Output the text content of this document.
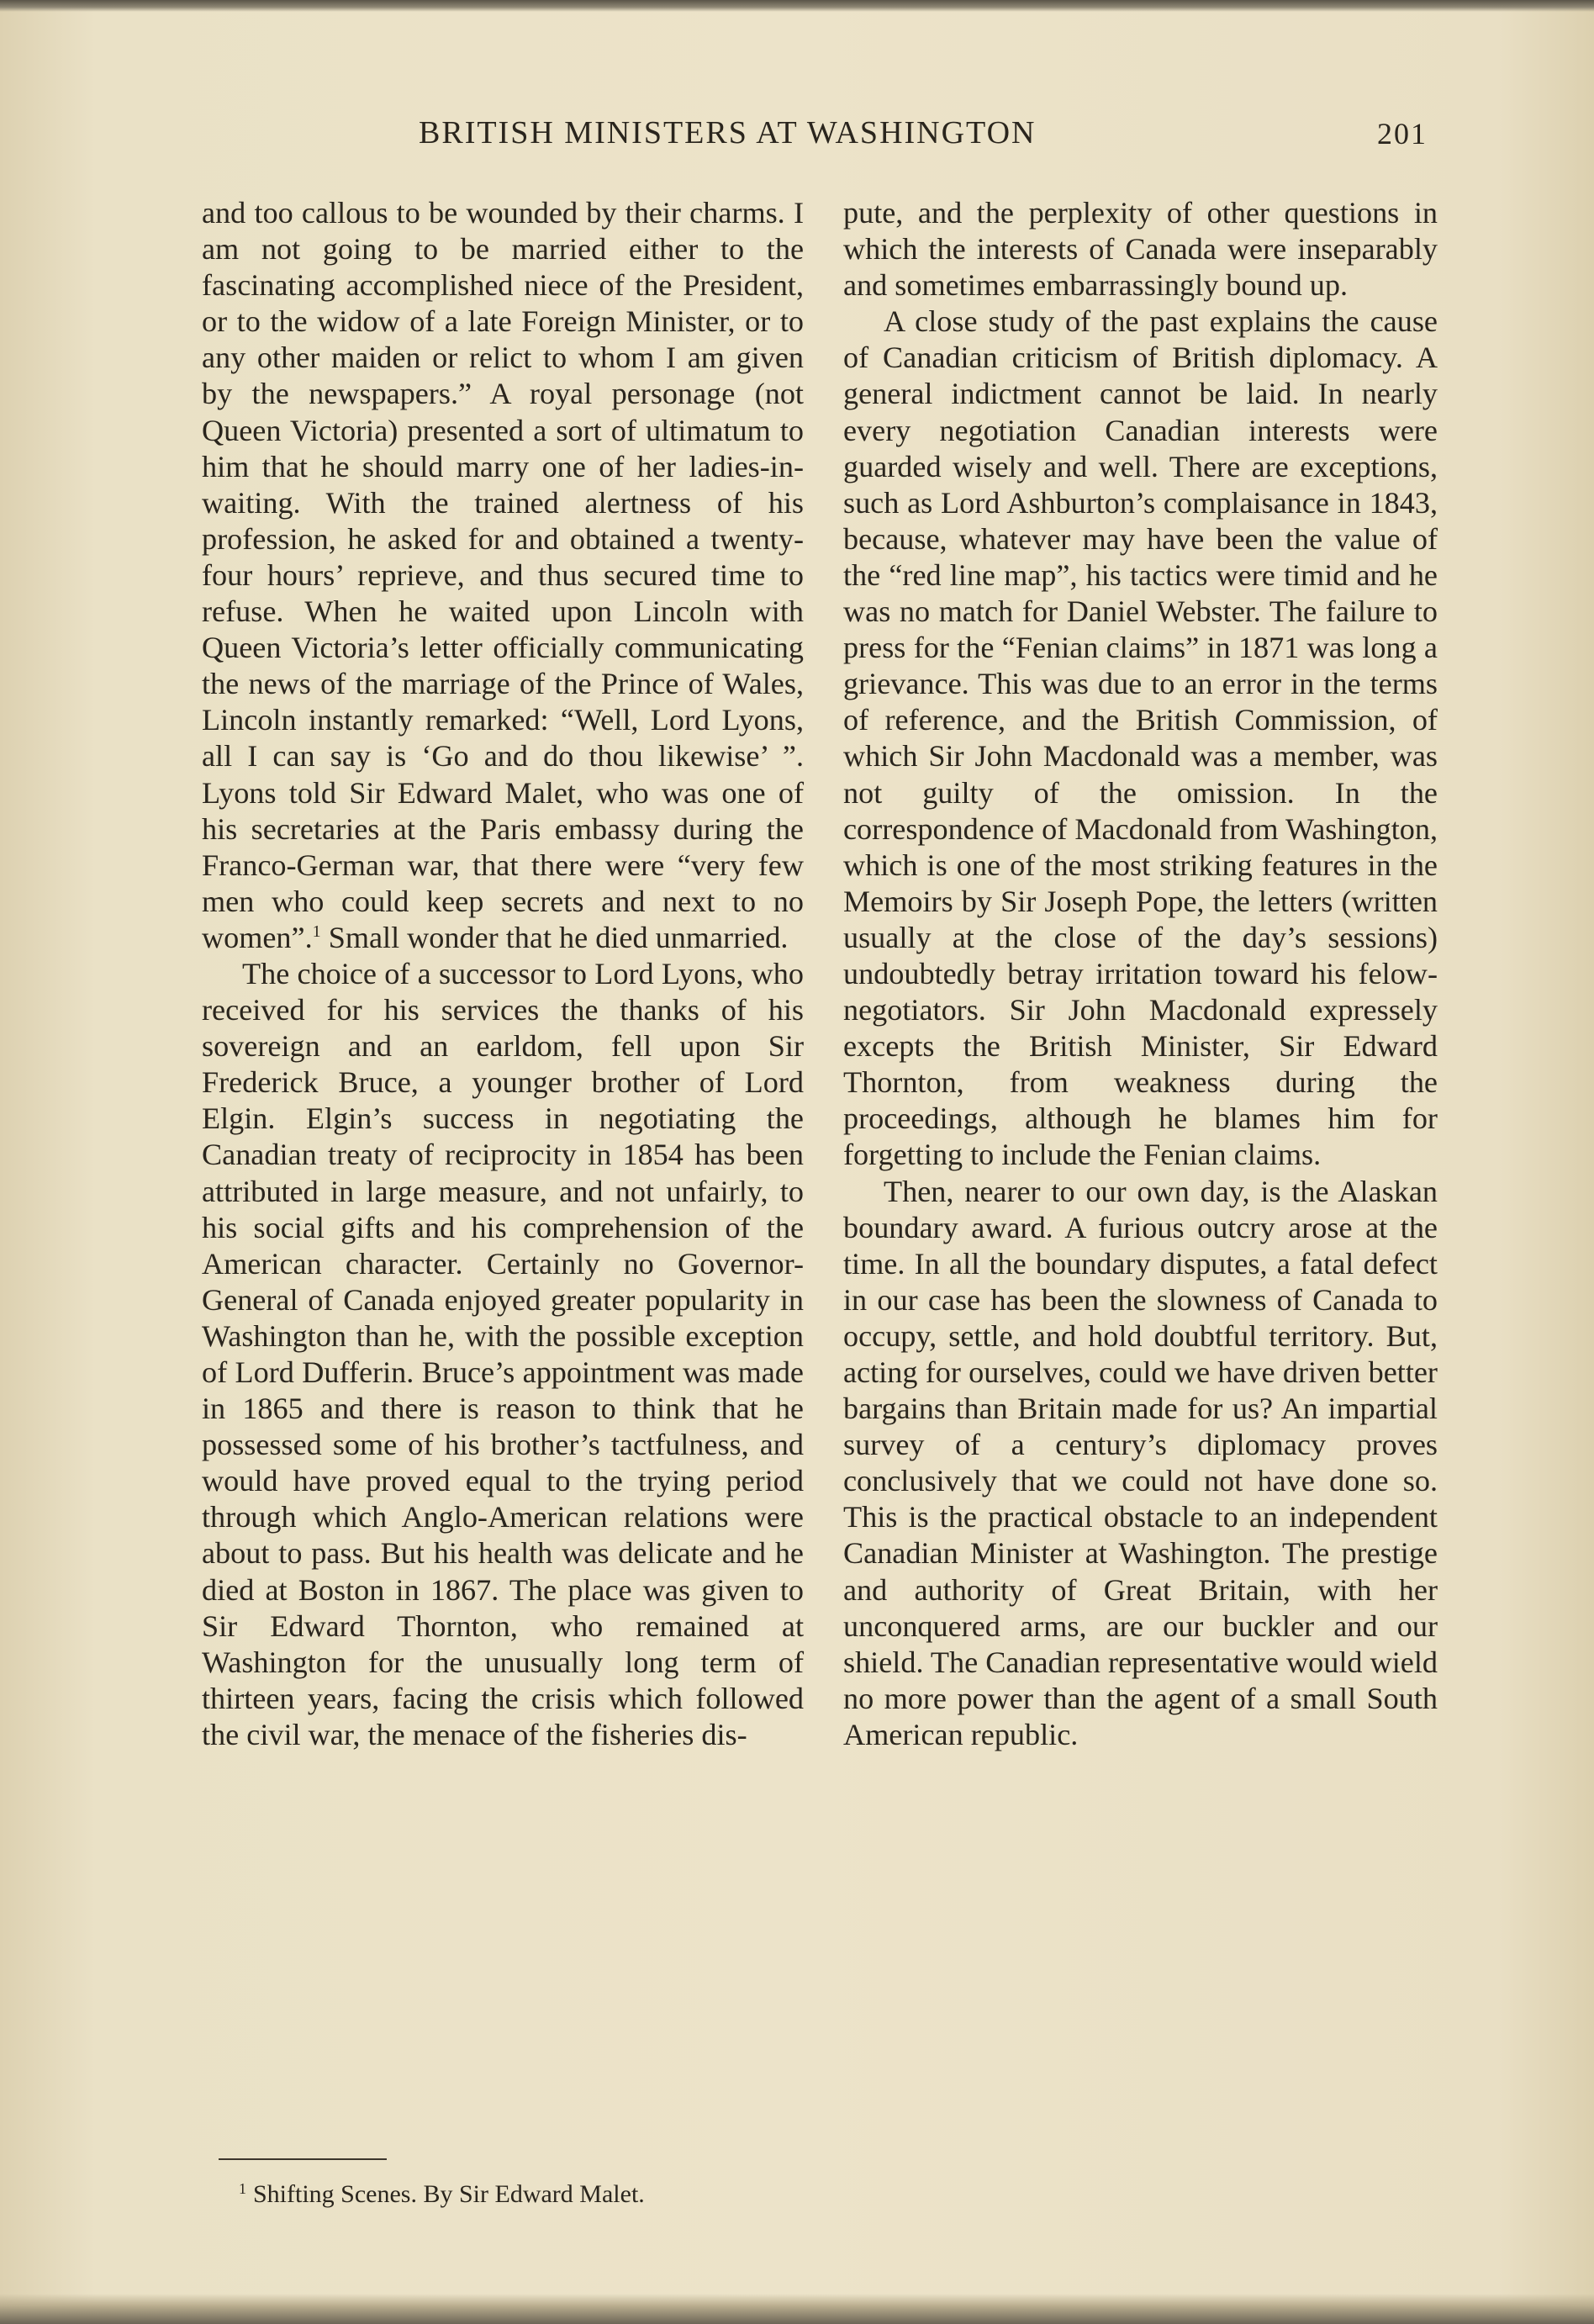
BRITISH MINISTERS AT WASHINGTON	201

and too callous to be wounded by their charms. I am not going to be married either to the fascinating accomplished niece of the President, or to the widow of a late Foreign Minister, or to any other maiden or relict to whom I am given by the newspapers.” A royal personage (not Queen Victoria) presented a sort of ultimatum to him that he should marry one of her ladies-in-waiting. With the trained alertness of his profession, he asked for and obtained a twenty-four hours’ reprieve, and thus secured time to refuse. When he waited upon Lincoln with Queen Victoria’s letter officially communicating the news of the marriage of the Prince of Wales, Lincoln instantly remarked: “Well, Lord Lyons, all I can say is ‘Go and do thou likewise’ ”. Lyons told Sir Edward Malet, who was one of his secretaries at the Paris embassy during the Franco-German war, that there were “very few men who could keep secrets and next to no women”.$^1$ Small wonder that he died unmarried.

The choice of a successor to Lord Lyons, who received for his services the thanks of his sovereign and an earldom, fell upon Sir Frederick Bruce, a younger brother of Lord Elgin. Elgin’s success in negotiating the Canadian treaty of reciprocity in 1854 has been attributed in large measure, and not unfairly, to his social gifts and his comprehension of the American character. Certainly no Governor-General of Canada enjoyed greater popularity in Washington than he, with the possible exception of Lord Dufferin. Bruce’s appointment was made in 1865 and there is reason to think that he possessed some of his brother’s tactfulness, and would have proved equal to the trying period through which Anglo-American relations were about to pass. But his health was delicate and he died at Boston in 1867. The place was given to Sir Edward Thornton, who remained at Washington for the unusually long term of thirteen years, facing the crisis which followed the civil war, the menace of the fisheries dis-

pute, and the perplexity of other questions in which the interests of Canada were inseparably and sometimes embarrassingly bound up.

A close study of the past explains the cause of Canadian criticism of British diplomacy. A general indictment cannot be laid. In nearly every negotiation Canadian interests were guarded wisely and well. There are exceptions, such as Lord Ashburton’s complaisance in 1843, because, whatever may have been the value of the “red line map”, his tactics were timid and he was no match for Daniel Webster. The failure to press for the “Fenian claims” in 1871 was long a grievance. This was due to an error in the terms of reference, and the British Commission, of which Sir John Macdonald was a member, was not guilty of the omission. In the correspondence of Macdonald from Washington, which is one of the most striking features in the Memoirs by Sir Joseph Pope, the letters (written usually at the close of the day’s sessions) undoubtedly betray irritation toward his felow-negotiators. Sir John Macdonald expressely excepts the British Minister, Sir Edward Thornton, from weakness during the proceedings, although he blames him for forgetting to include the Fenian claims.

Then, nearer to our own day, is the Alaskan boundary award. A furious outcry arose at the time. In all the boundary disputes, a fatal defect in our case has been the slowness of Canada to occupy, settle, and hold doubtful territory. But, acting for ourselves, could we have driven better bargains than Britain made for us? An impartial survey of a century’s diplomacy proves conclusively that we could not have done so. This is the practical obstacle to an independent Canadian Minister at Washington. The prestige and authority of Great Britain, with her unconquered arms, are our buckler and our shield. The Canadian representative would wield no more power than the agent of a small South American republic.

$^1$ Shifting Scenes. By Sir Edward Malet.
